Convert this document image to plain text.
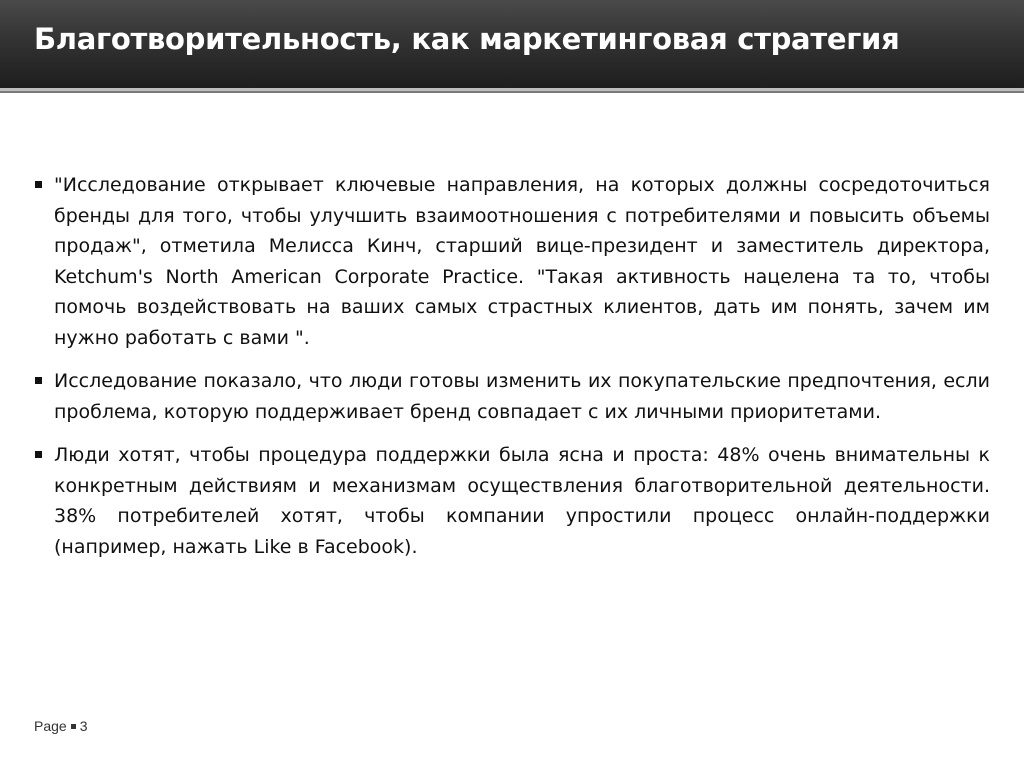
Благотворительность, как маркетинговая стратегия
"Исследование открывает ключевые направления, на которых должны сосредоточиться бренды для того, чтобы улучшить взаимоотношения с потребителями и повысить объемы продаж", отметила Мелисса Кинч, старший вице-президент и заместитель директора, Ketchum's North American Corporate Practice. "Такая активность нацелена та то, чтобы помочь воздействовать на ваших самых страстных клиентов, дать им понять, зачем им нужно работать с вами ".
Исследование показало, что люди готовы изменить их покупательские предпочтения, если проблема, которую поддерживает бренд совпадает с их личными приоритетами.
Люди хотят, чтобы процедура поддержки была ясна и проста: 48% очень внимательны к конкретным действиям и механизмам осуществления благотворительной деятельности. 38% потребителей хотят, чтобы компании упростили процесс онлайн-поддержки (например, нажать Like в Facebook).
Page 3
